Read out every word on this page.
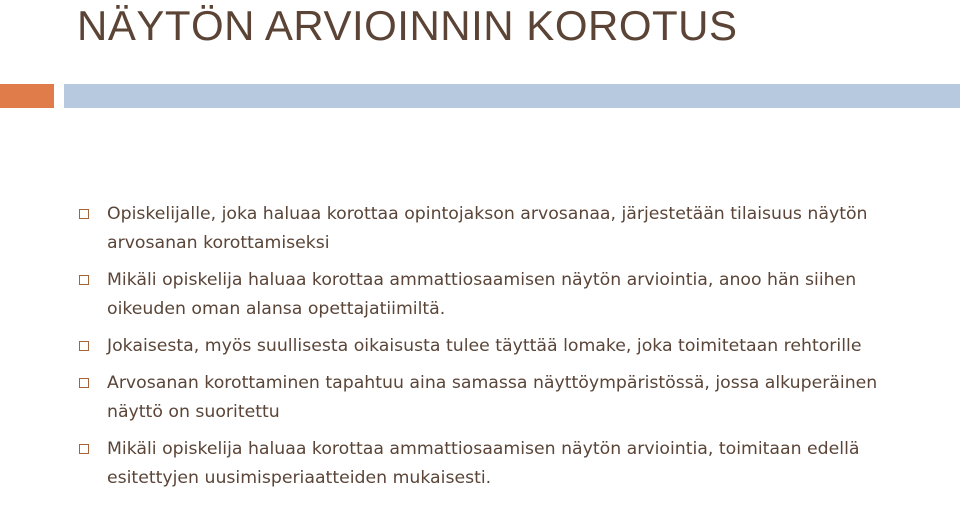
NÄYTÖN ARVIOINNIN KOROTUS
Opiskelijalle, joka haluaa korottaa opintojakson arvosanaa, järjestetään tilaisuus näytön arvosanan korottamiseksi
Mikäli opiskelija haluaa korottaa ammattiosaamisen näytön arviointia, anoo hän siihen oikeuden oman alansa opettajatiimiltä.
Jokaisesta, myös suullisesta oikaisusta tulee täyttää lomake, joka toimitetaan rehtorille
Arvosanan korottaminen tapahtuu aina samassa näyttöympäristössä, jossa alkuperäinen näyttö on suoritettu
Mikäli opiskelija haluaa korottaa ammattiosaamisen näytön arviointia, toimitaan edellä esitettyjen uusimisperiaatteiden mukaisesti.
